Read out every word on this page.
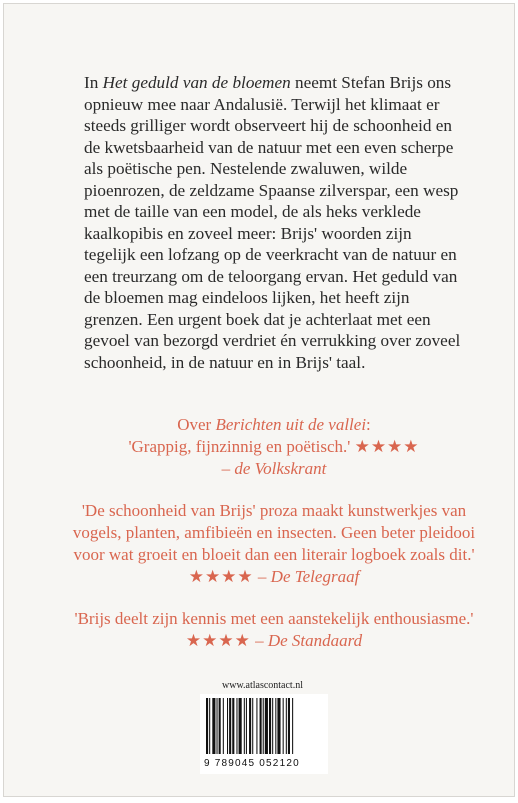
In Het geduld van de bloemen neemt Stefan Brijs ons opnieuw mee naar Andalusië. Terwijl het klimaat er steeds grilliger wordt observeert hij de schoonheid en de kwetsbaarheid van de natuur met een even scherpe als poëtische pen. Nestelende zwaluwen, wilde pioenrozen, de zeldzame Spaanse zilverspar, een wesp met de taille van een model, de als heks verklede kaalkopibis en zoveel meer: Brijs' woorden zijn tegelijk een lofzang op de veerkracht van de natuur en een treurzang om de teloorgang ervan. Het geduld van de bloemen mag eindeloos lijken, het heeft zijn grenzen. Een urgent boek dat je achterlaat met een gevoel van bezorgd verdriet én verrukking over zoveel schoonheid, in de natuur en in Brijs' taal.

Over Berichten uit de vallei:
'Grappig, fijnzinnig en poëtisch.' ★★★★
– de Volkskrant
'De schoonheid van Brijs' proza maakt kunstwerkjes van vogels, planten, amfibieën en insecten. Geen beter pleidooi voor wat groeit en bloeit dan een literair logboek zoals dit.' ★★★★ – De Telegraaf
'Brijs deelt zijn kennis met een aanstekelijk enthousiasme.' ★★★★ – De Standaard
www.atlascontact.nl
9 789045 052120
